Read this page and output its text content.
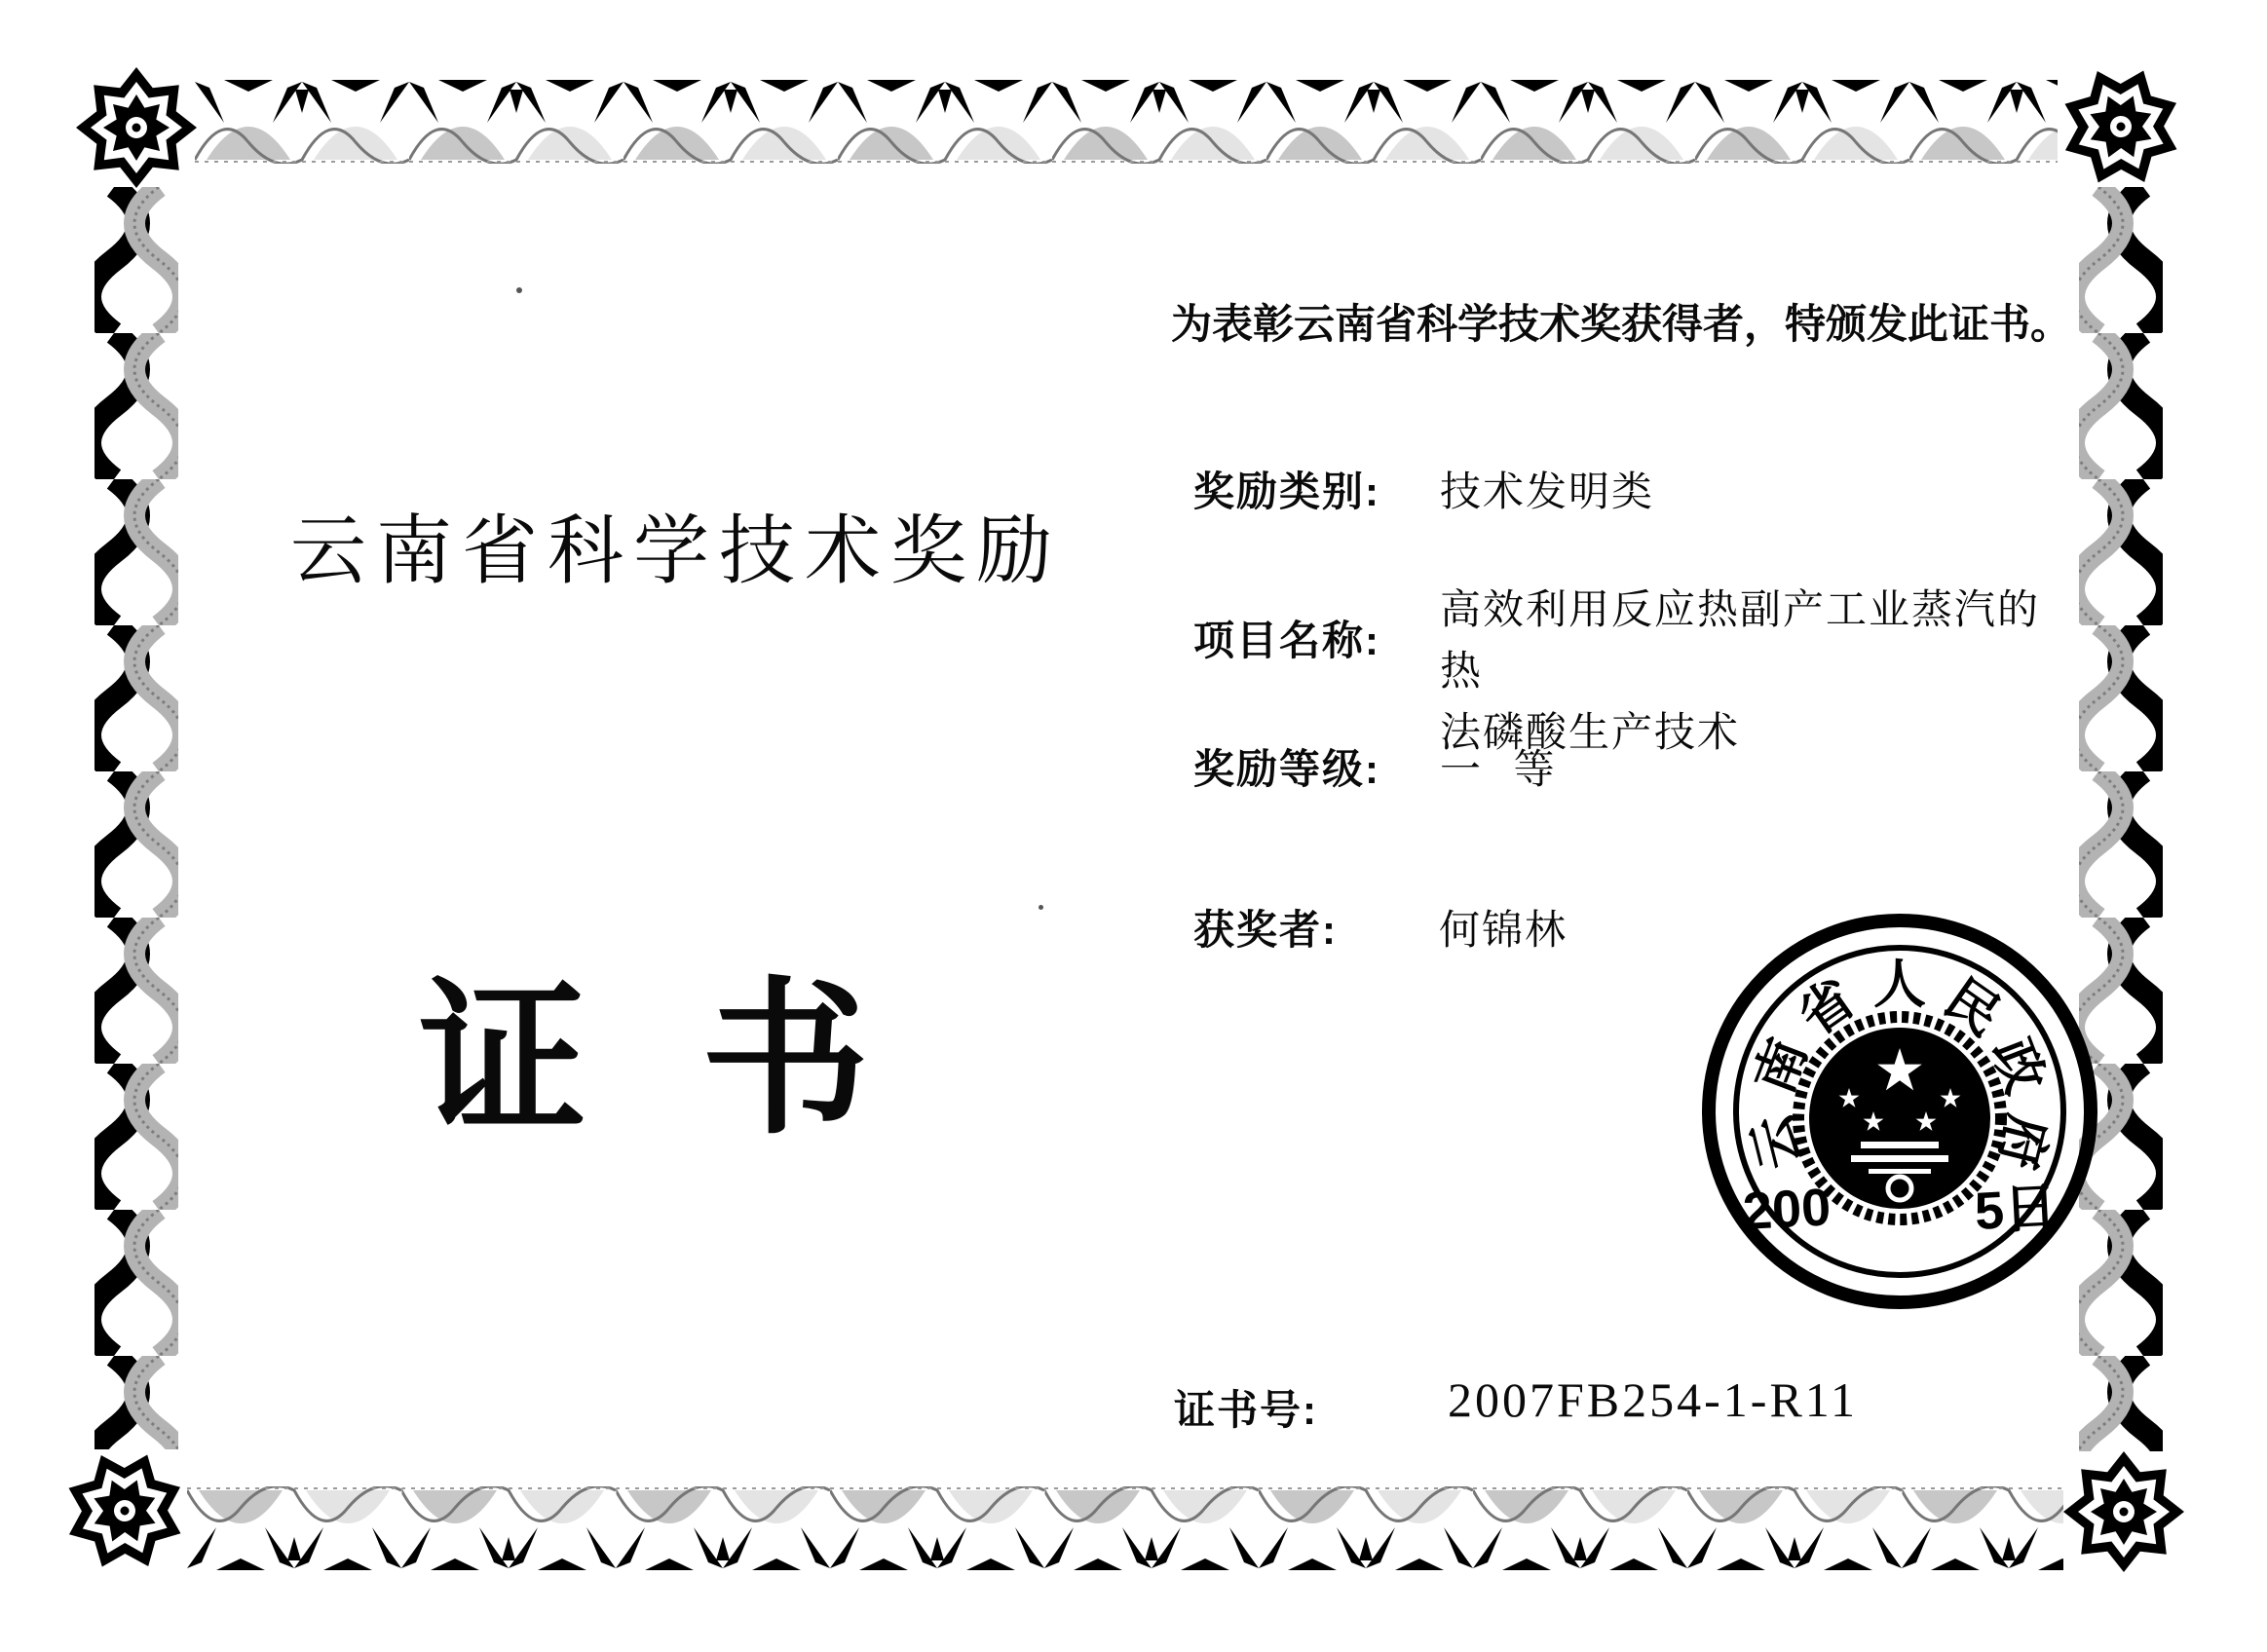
云
南
省 人 民
政
府
200	5日
为表彰云南省科学技术奖获得者，特颁发此证书。
云南省科学技术奖励
证 书
奖励类别: 技术发明类
项目名称:
高效利用反应热副产工业蒸汽的热
法磷酸生产技术
奖励等级: 一 等
获奖者: 何锦林
证书号:	2007FB254-1-R11
